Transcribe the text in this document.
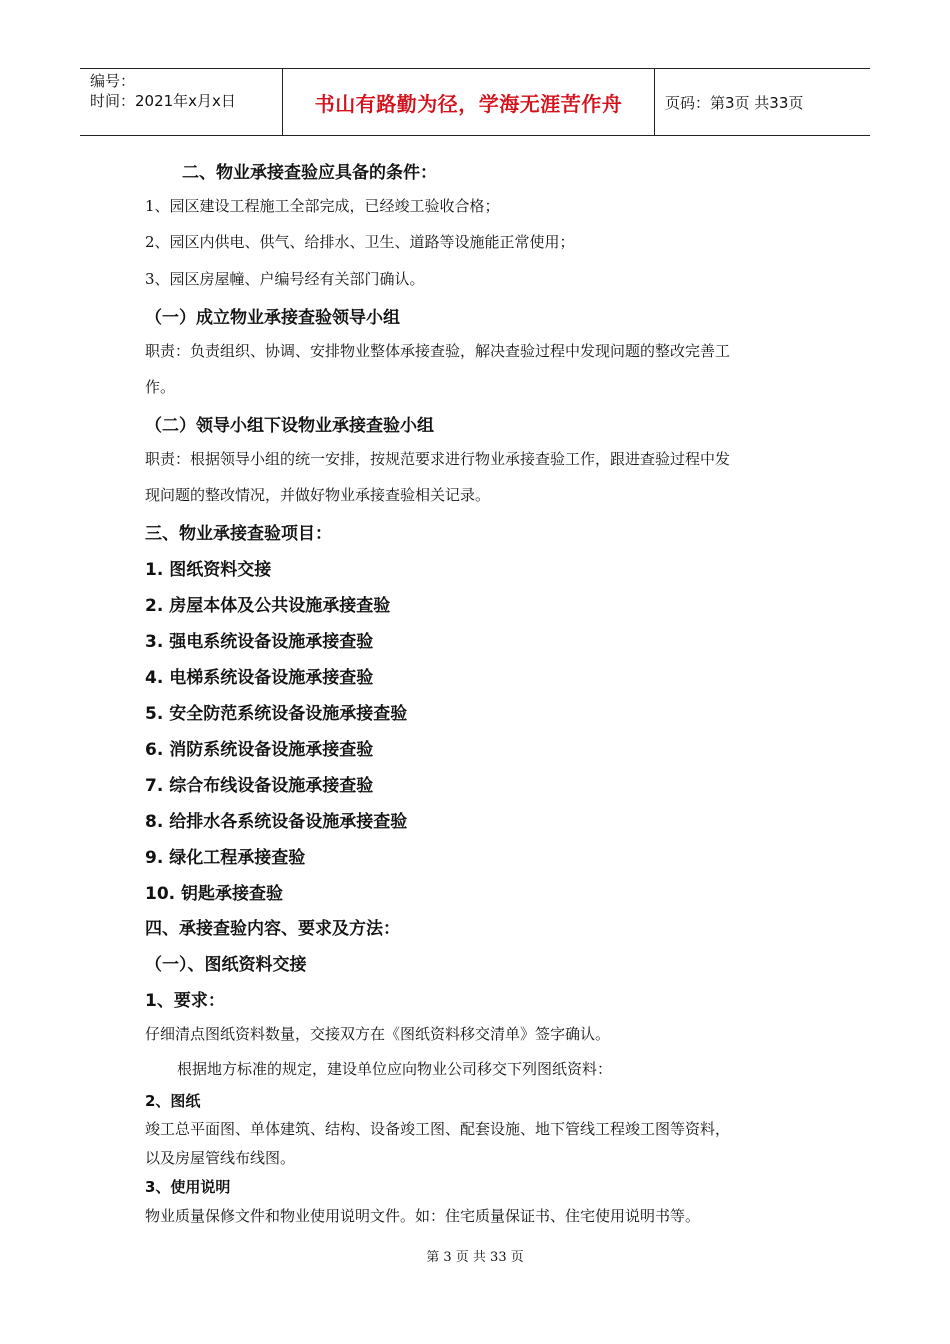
编号：
时间：2021年x月x日	书山有路勤为径，学海无涯苦作舟	页码：第3页 共33页
二、物业承接查验应具备的条件：
1、园区建设工程施工全部完成，已经竣工验收合格；
2、园区内供电、供气、给排水、卫生、道路等设施能正常使用；
3、园区房屋幢、户编号经有关部门确认。
（一）成立物业承接查验领导小组
职责：负责组织、协调、安排物业整体承接查验，解决查验过程中发现问题的整改完善工
作。
（二）领导小组下设物业承接查验小组
职责：根据领导小组的统一安排，按规范要求进行物业承接查验工作，跟进查验过程中发
现问题的整改情况，并做好物业承接查验相关记录。
三、物业承接查验项目：
1. 图纸资料交接
2. 房屋本体及公共设施承接查验
3. 强电系统设备设施承接查验
4. 电梯系统设备设施承接查验
5. 安全防范系统设备设施承接查验
6. 消防系统设备设施承接查验
7. 综合布线设备设施承接查验
8. 给排水各系统设备设施承接查验
9. 绿化工程承接查验
10. 钥匙承接查验
四、承接查验内容、要求及方法：
（一）、图纸资料交接
1、要求：
仔细清点图纸资料数量，交接双方在《图纸资料移交清单》签字确认。
根据地方标准的规定，建设单位应向物业公司移交下列图纸资料：
2、图纸
竣工总平面图、单体建筑、结构、设备竣工图、配套设施、地下管线工程竣工图等资料，
以及房屋管线布线图。
3、使用说明
物业质量保修文件和物业使用说明文件。如：住宅质量保证书、住宅使用说明书等。
第 3 页 共 33 页
